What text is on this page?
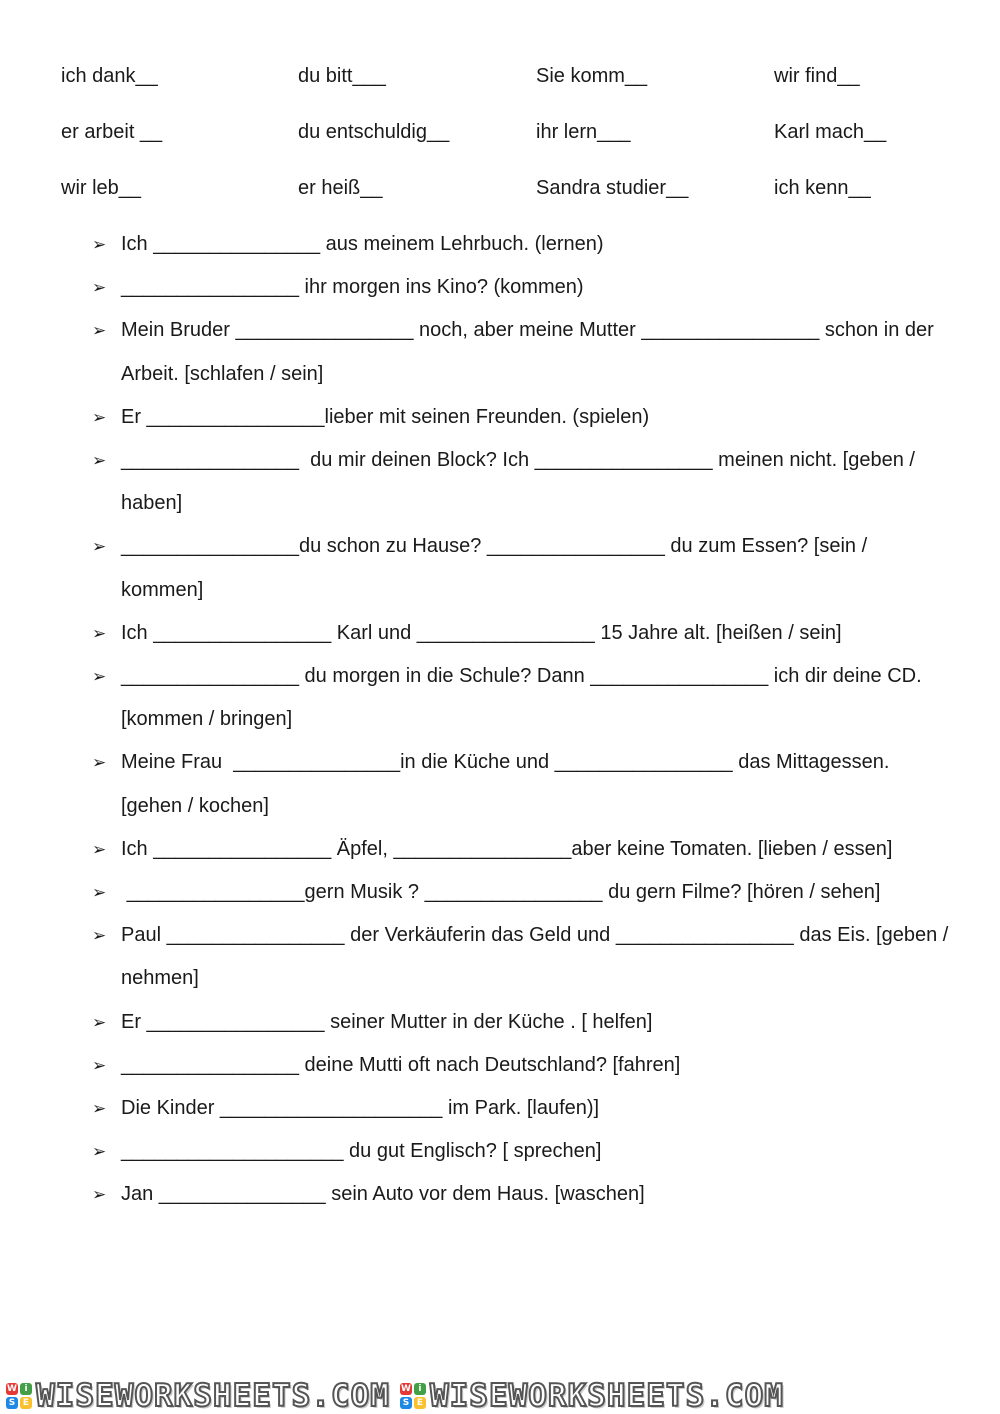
ich dank__	du bitt___	Sie komm__	wir find__
er arbeit __	du entschuldig__	ihr lern___	Karl mach__
wir leb__	er heiß__	Sandra studier__	ich kenn__
➢ Ich _______________ aus meinem Lehrbuch. (lernen)
➢ ________________ ihr morgen ins Kino? (kommen)
➢ Mein Bruder ________________ noch, aber meine Mutter ________________ schon in der Arbeit. [schlafen / sein]
➢ Er ________________lieber mit seinen Freunden. (spielen)
➢ ________________  du mir deinen Block? Ich ________________ meinen nicht. [geben / haben]
➢ ________________du schon zu Hause? ________________ du zum Essen? [sein / kommen]
➢ Ich ________________ Karl und ________________ 15 Jahre alt. [heißen / sein]
➢ ________________ du morgen in die Schule? Dann ________________ ich dir deine CD. [kommen / bringen]
➢ Meine Frau  _______________in die Küche und ________________ das Mittagessen. [gehen / kochen]
➢ Ich ________________ Äpfel, ________________aber keine Tomaten. [lieben / essen]
➢ ________________gern Musik ? ________________ du gern Filme? [hören / sehen]
➢ Paul ________________ der Verkäuferin das Geld und ________________ das Eis. [geben / nehmen]
➢ Er ________________ seiner Mutter in der Küche . [ helfen]
➢ ________________ deine Mutti oft nach Deutschland? [fahren]
➢ Die Kinder ____________________ im Park. [laufen)]
➢ ____________________ du gut Englisch? [ sprechen]
➢ Jan _______________ sein Auto vor dem Haus. [waschen]
W i
S E WISEWORKSHEETS.COM W i
S E WISEWORKSHEETS.COM
